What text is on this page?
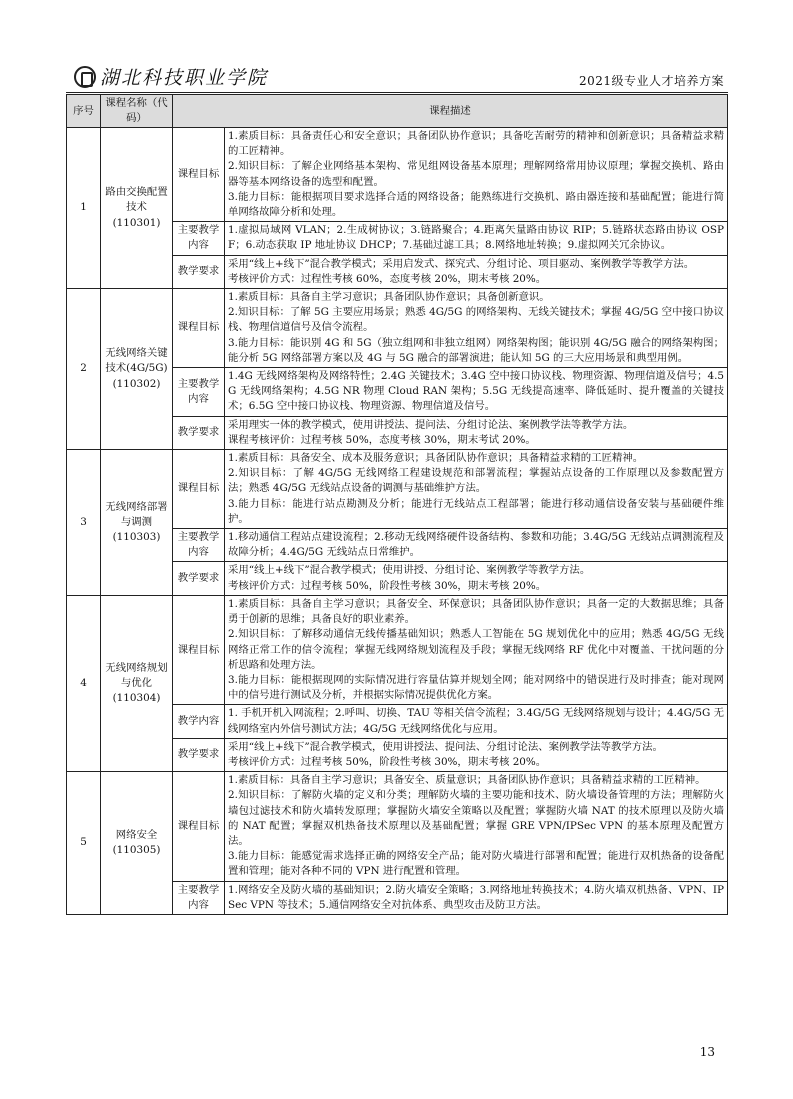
湖北科技职业学院	2021级专业人才培养方案
序号	课程名称（代码）	课程描述	
1	路由交换配置技术(110301)	课程目标	1.素质目标：具备责任心和安全意识；具备团队协作意识；具备吃苦耐劳的精神和创新意识；具备精益求精的工匠精神。
2.知识目标：了解企业网络基本架构、常见组网设备基本原理；理解网络常用协议原理；掌握交换机、路由器等基本网络设备的选型和配置。
3.能力目标：能根据项目要求选择合适的网络设备；能熟练进行交换机、路由器连接和基础配置；能进行简单网络故障分析和处理。

		主要教学内容	1.虚拟局域网 VLAN；2.生成树协议；3.链路聚合；4.距离矢量路由协议 RIP；5.链路状态路由协议 OSPF；6.动态获取 IP 地址协议 DHCP；7.基础过滤工具；8.网络地址转换；9.虚拟网关冗余协议。

		教学要求	采用“线上+线下”混合教学模式；采用启发式、探究式、分组讨论、项目驱动、案例教学等教学方法。
考核评价方式：过程性考核 60%，态度考核 20%，期末考核 20%。

2	无线网络关键技术(4G/5G)(110302)	课程目标	1.素质目标：具备自主学习意识；具备团队协作意识；具备创新意识。
2.知识目标：了解 5G 主要应用场景；熟悉 4G/5G 的网络架构、无线关键技术；掌握 4G/5G 空中接口协议栈、物理信道信号及信令流程。
3.能力目标：能识别 4G 和 5G（独立组网和非独立组网）网络架构图；能识别 4G/5G 融合的网络架构图；能分析 5G 网络部署方案以及 4G 与 5G 融合的部署演进；能认知 5G 的三大应用场景和典型用例。

		主要教学内容	1.4G 无线网络架构及网络特性；2.4G 关键技术；3.4G 空中接口协议栈、物理资源、物理信道及信号；4.5G 无线网络架构；4.5G NR 物理 Cloud RAN 架构；5.5G 无线提高速率、降低延时、提升覆盖的关键技术；6.5G 空中接口协议栈、物理资源、物理信道及信号。

		教学要求	采用理实一体的教学模式，使用讲授法、提问法、分组讨论法、案例教学法等教学方法。
课程考核评价：过程考核 50%，态度考核 30%，期末考试 20%。

3	无线网络部署与调测(110303)	课程目标	1.素质目标：具备安全、成本及服务意识；具备团队协作意识；具备精益求精的工匠精神。
2.知识目标：了解 4G/5G 无线网络工程建设规范和部署流程；掌握站点设备的工作原理以及参数配置方法；熟悉 4G/5G 无线站点设备的调测与基础维护方法。
3.能力目标：能进行站点勘测及分析；能进行无线站点工程部署；能进行移动通信设备安装与基础硬件维护。

		主要教学内容	1.移动通信工程站点建设流程；2.移动无线网络硬件设备结构、参数和功能；3.4G/5G 无线站点调测流程及故障分析；4.4G/5G 无线站点日常维护。

		教学要求	采用“线上+线下”混合教学模式；使用讲授、分组讨论、案例教学等教学方法。
考核评价方式：过程考核 50%，阶段性考核 30%，期末考核 20%。

4	无线网络规划与优化(110304)	课程目标	1.素质目标：具备自主学习意识；具备安全、环保意识；具备团队协作意识；具备一定的大数据思维；具备勇于创新的思维；具备良好的职业素养。
2.知识目标：了解移动通信无线传播基础知识；熟悉人工智能在 5G 规划优化中的应用；熟悉 4G/5G 无线网络正常工作的信令流程；掌握无线网络规划流程及手段；掌握无线网络 RF 优化中对覆盖、干扰问题的分析思路和处理方法。
3.能力目标：能根据现网的实际情况进行容量估算并规划全网；能对网络中的错误进行及时排查；能对现网中的信号进行测试及分析，并根据实际情况提供优化方案。

		教学内容	1. 手机开机入网流程；2.呼叫、切换、TAU 等相关信令流程；3.4G/5G 无线网络规划与设计；4.4G/5G 无线网络室内外信号测试方法；4G/5G 无线网络优化与应用。

		教学要求	采用“线上+线下”混合教学模式，使用讲授法、提问法、分组讨论法、案例教学法等教学方法。
考核评价方式：过程考核 50%，阶段性考核 30%，期末考核 20%。

5	网络安全(110305)	课程目标	1.素质目标：具备自主学习意识；具备安全、质量意识；具备团队协作意识；具备精益求精的工匠精神。
2.知识目标：了解防火墙的定义和分类；理解防火墙的主要功能和技术、防火墙设备管理的方法；理解防火墙包过滤技术和防火墙转发原理；掌握防火墙安全策略以及配置；掌握防火墙 NAT 的技术原理以及防火墙的 NAT 配置；掌握双机热备技术原理以及基础配置；掌握 GRE VPN/IPSec VPN 的基本原理及配置方法。
3.能力目标：能感觉需求选择正确的网络安全产品；能对防火墙进行部署和配置；能进行双机热备的设备配置和管理；能对各种不同的 VPN 进行配置和管理。

		主要教学内容	1.网络安全及防火墙的基础知识；2.防火墙安全策略；3.网络地址转换技术；4.防火墙双机热备、VPN、IPSec VPN 等技术；5.通信网络安全对抗体系、典型攻击及防卫方法。
13
